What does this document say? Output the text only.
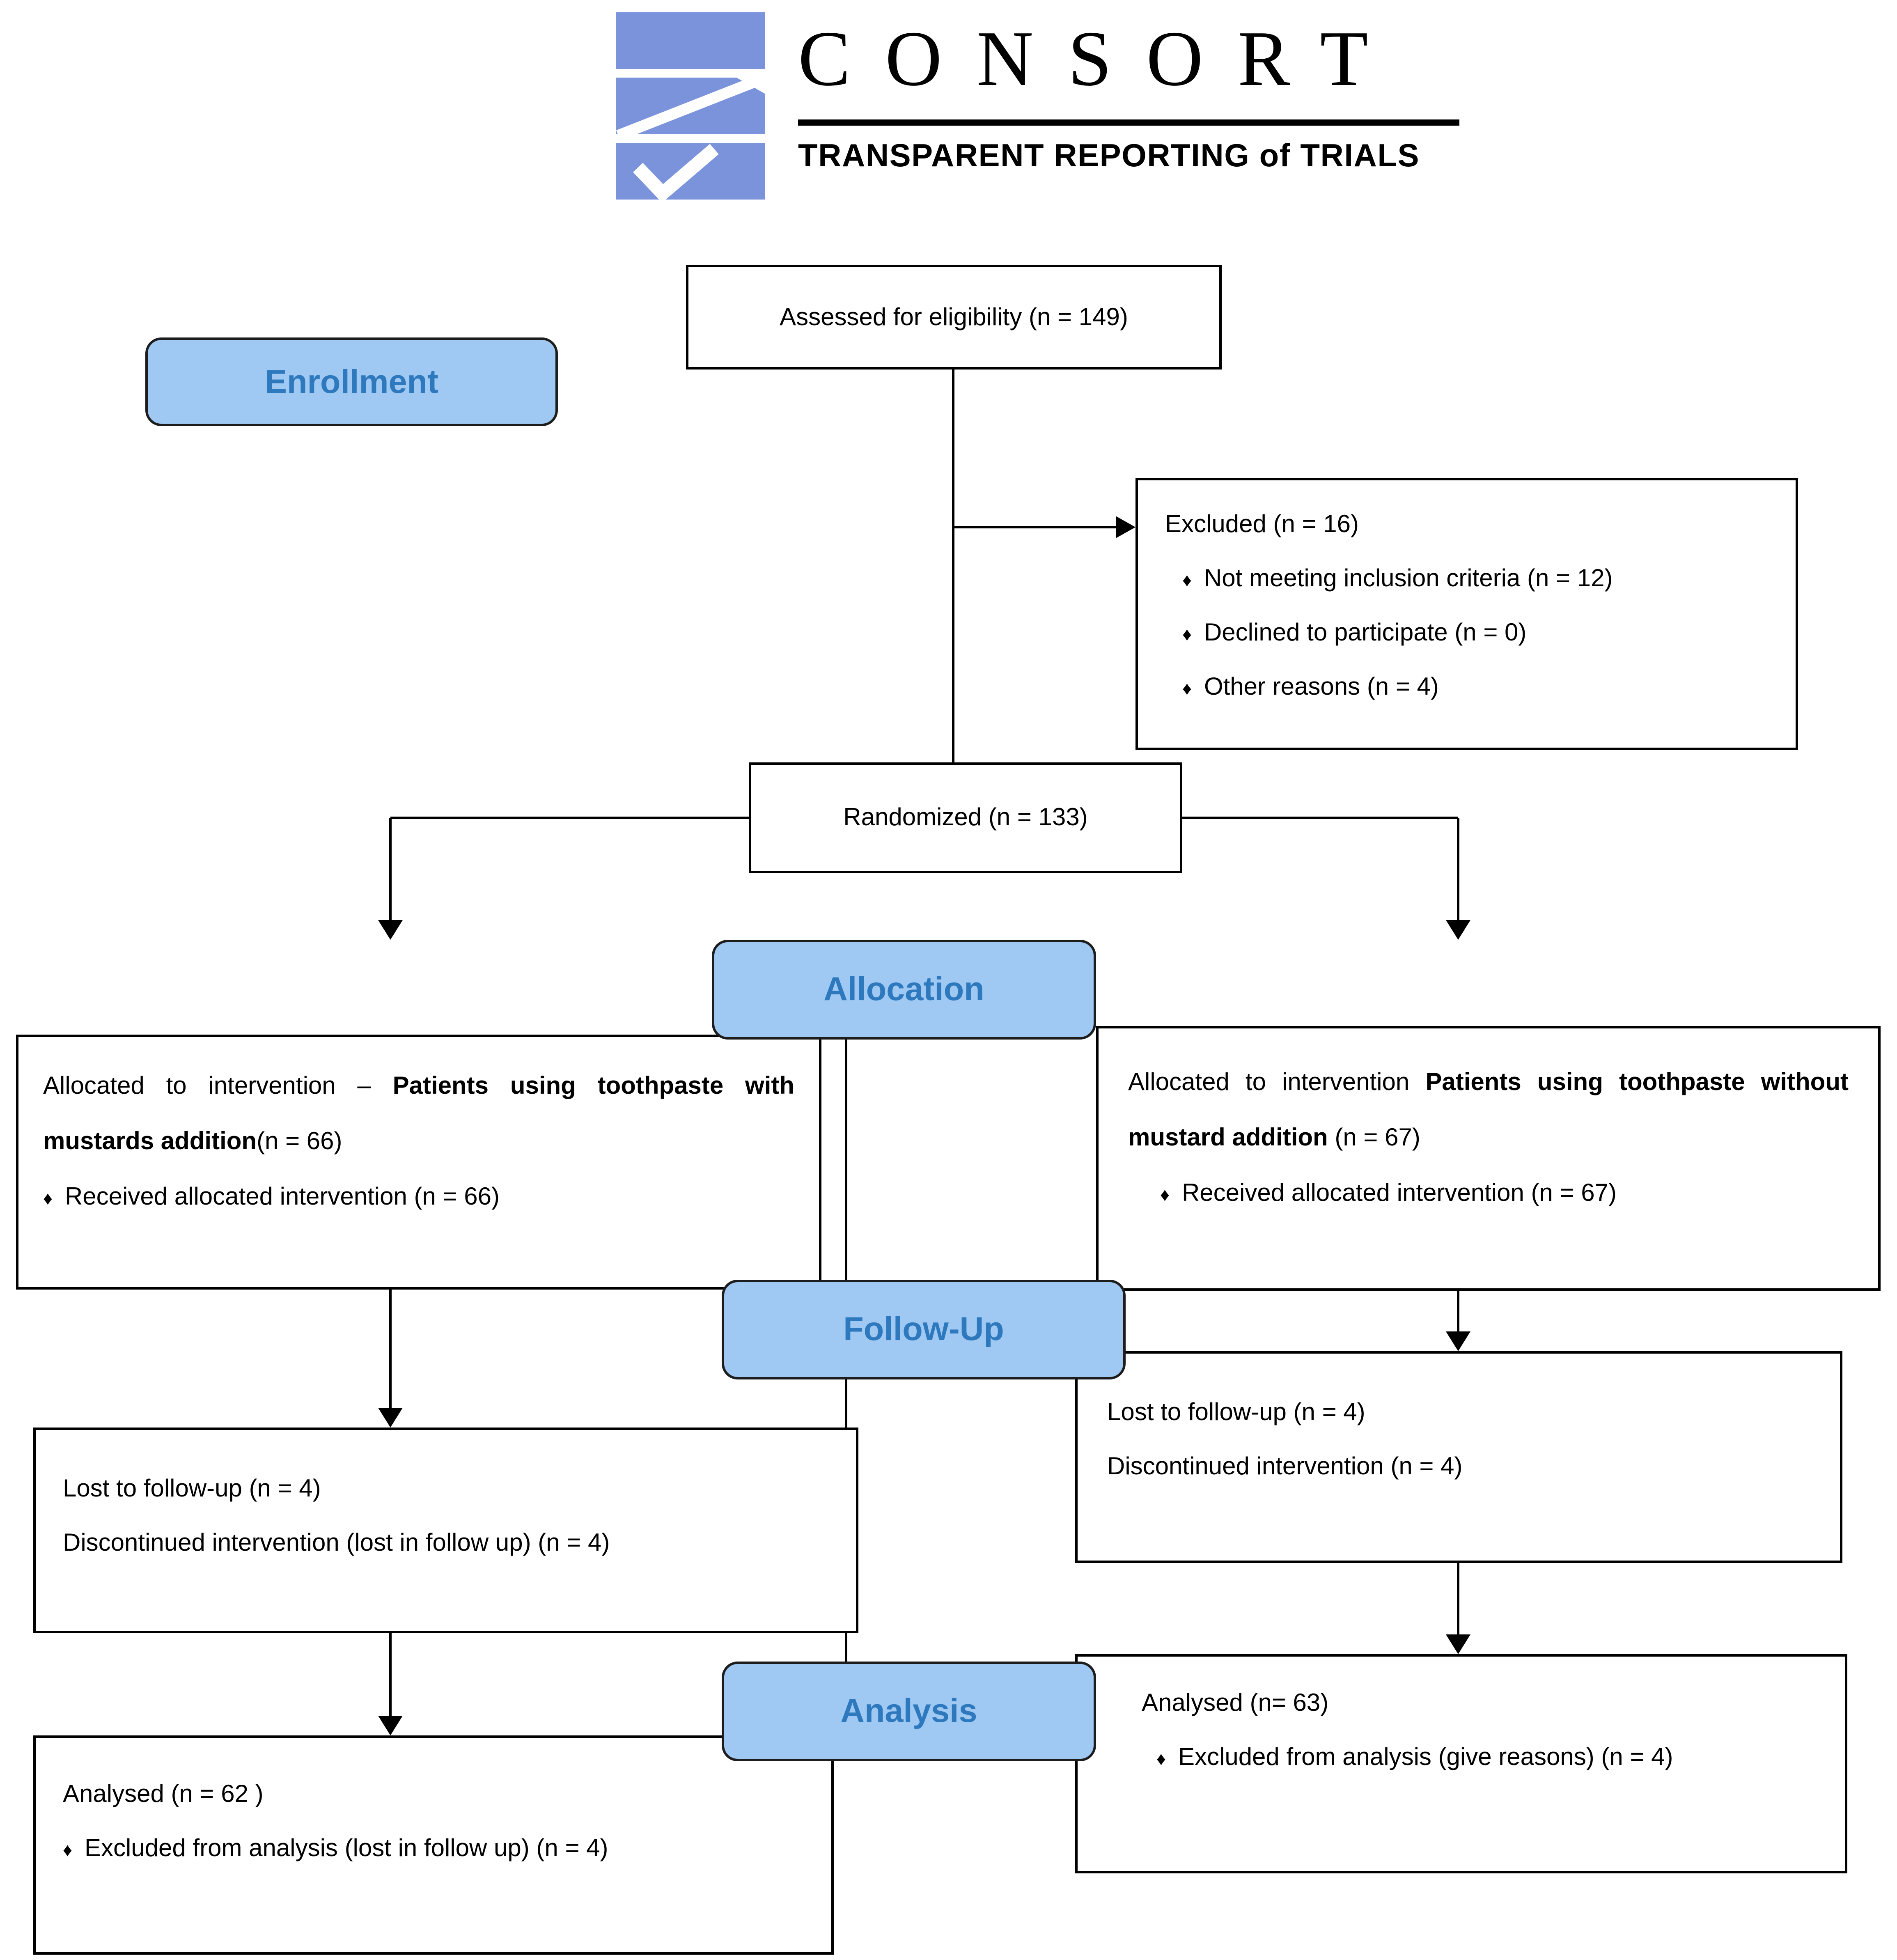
CONSORT
TRANSPARENT REPORTING of TRIALS
Assessed for eligibility (n = 149)
Enrollment
Excluded (n = 16)
♦ Not meeting inclusion criteria (n = 12)
♦ Declined to participate (n = 0)
♦ Other reasons (n = 4)
Randomized (n = 133)
Allocation

Allocated to intervention – Patients using toothpaste with mustards addition(n = 66)

♦ Received allocated intervention (n = 66)

Allocated to intervention Patients using toothpaste without mustard addition (n = 67)

♦ Received allocated intervention (n = 67)
Follow-Up
Lost to follow-up (n = 4)
Discontinued intervention (lost in follow up) (n = 4)
Lost to follow-up (n = 4)
Discontinued intervention (n = 4)
Analysis
Analysed (n = 62 )
♦ Excluded from analysis (lost in follow up) (n = 4)
Analysed (n= 63)
♦ Excluded from analysis (give reasons) (n = 4)
